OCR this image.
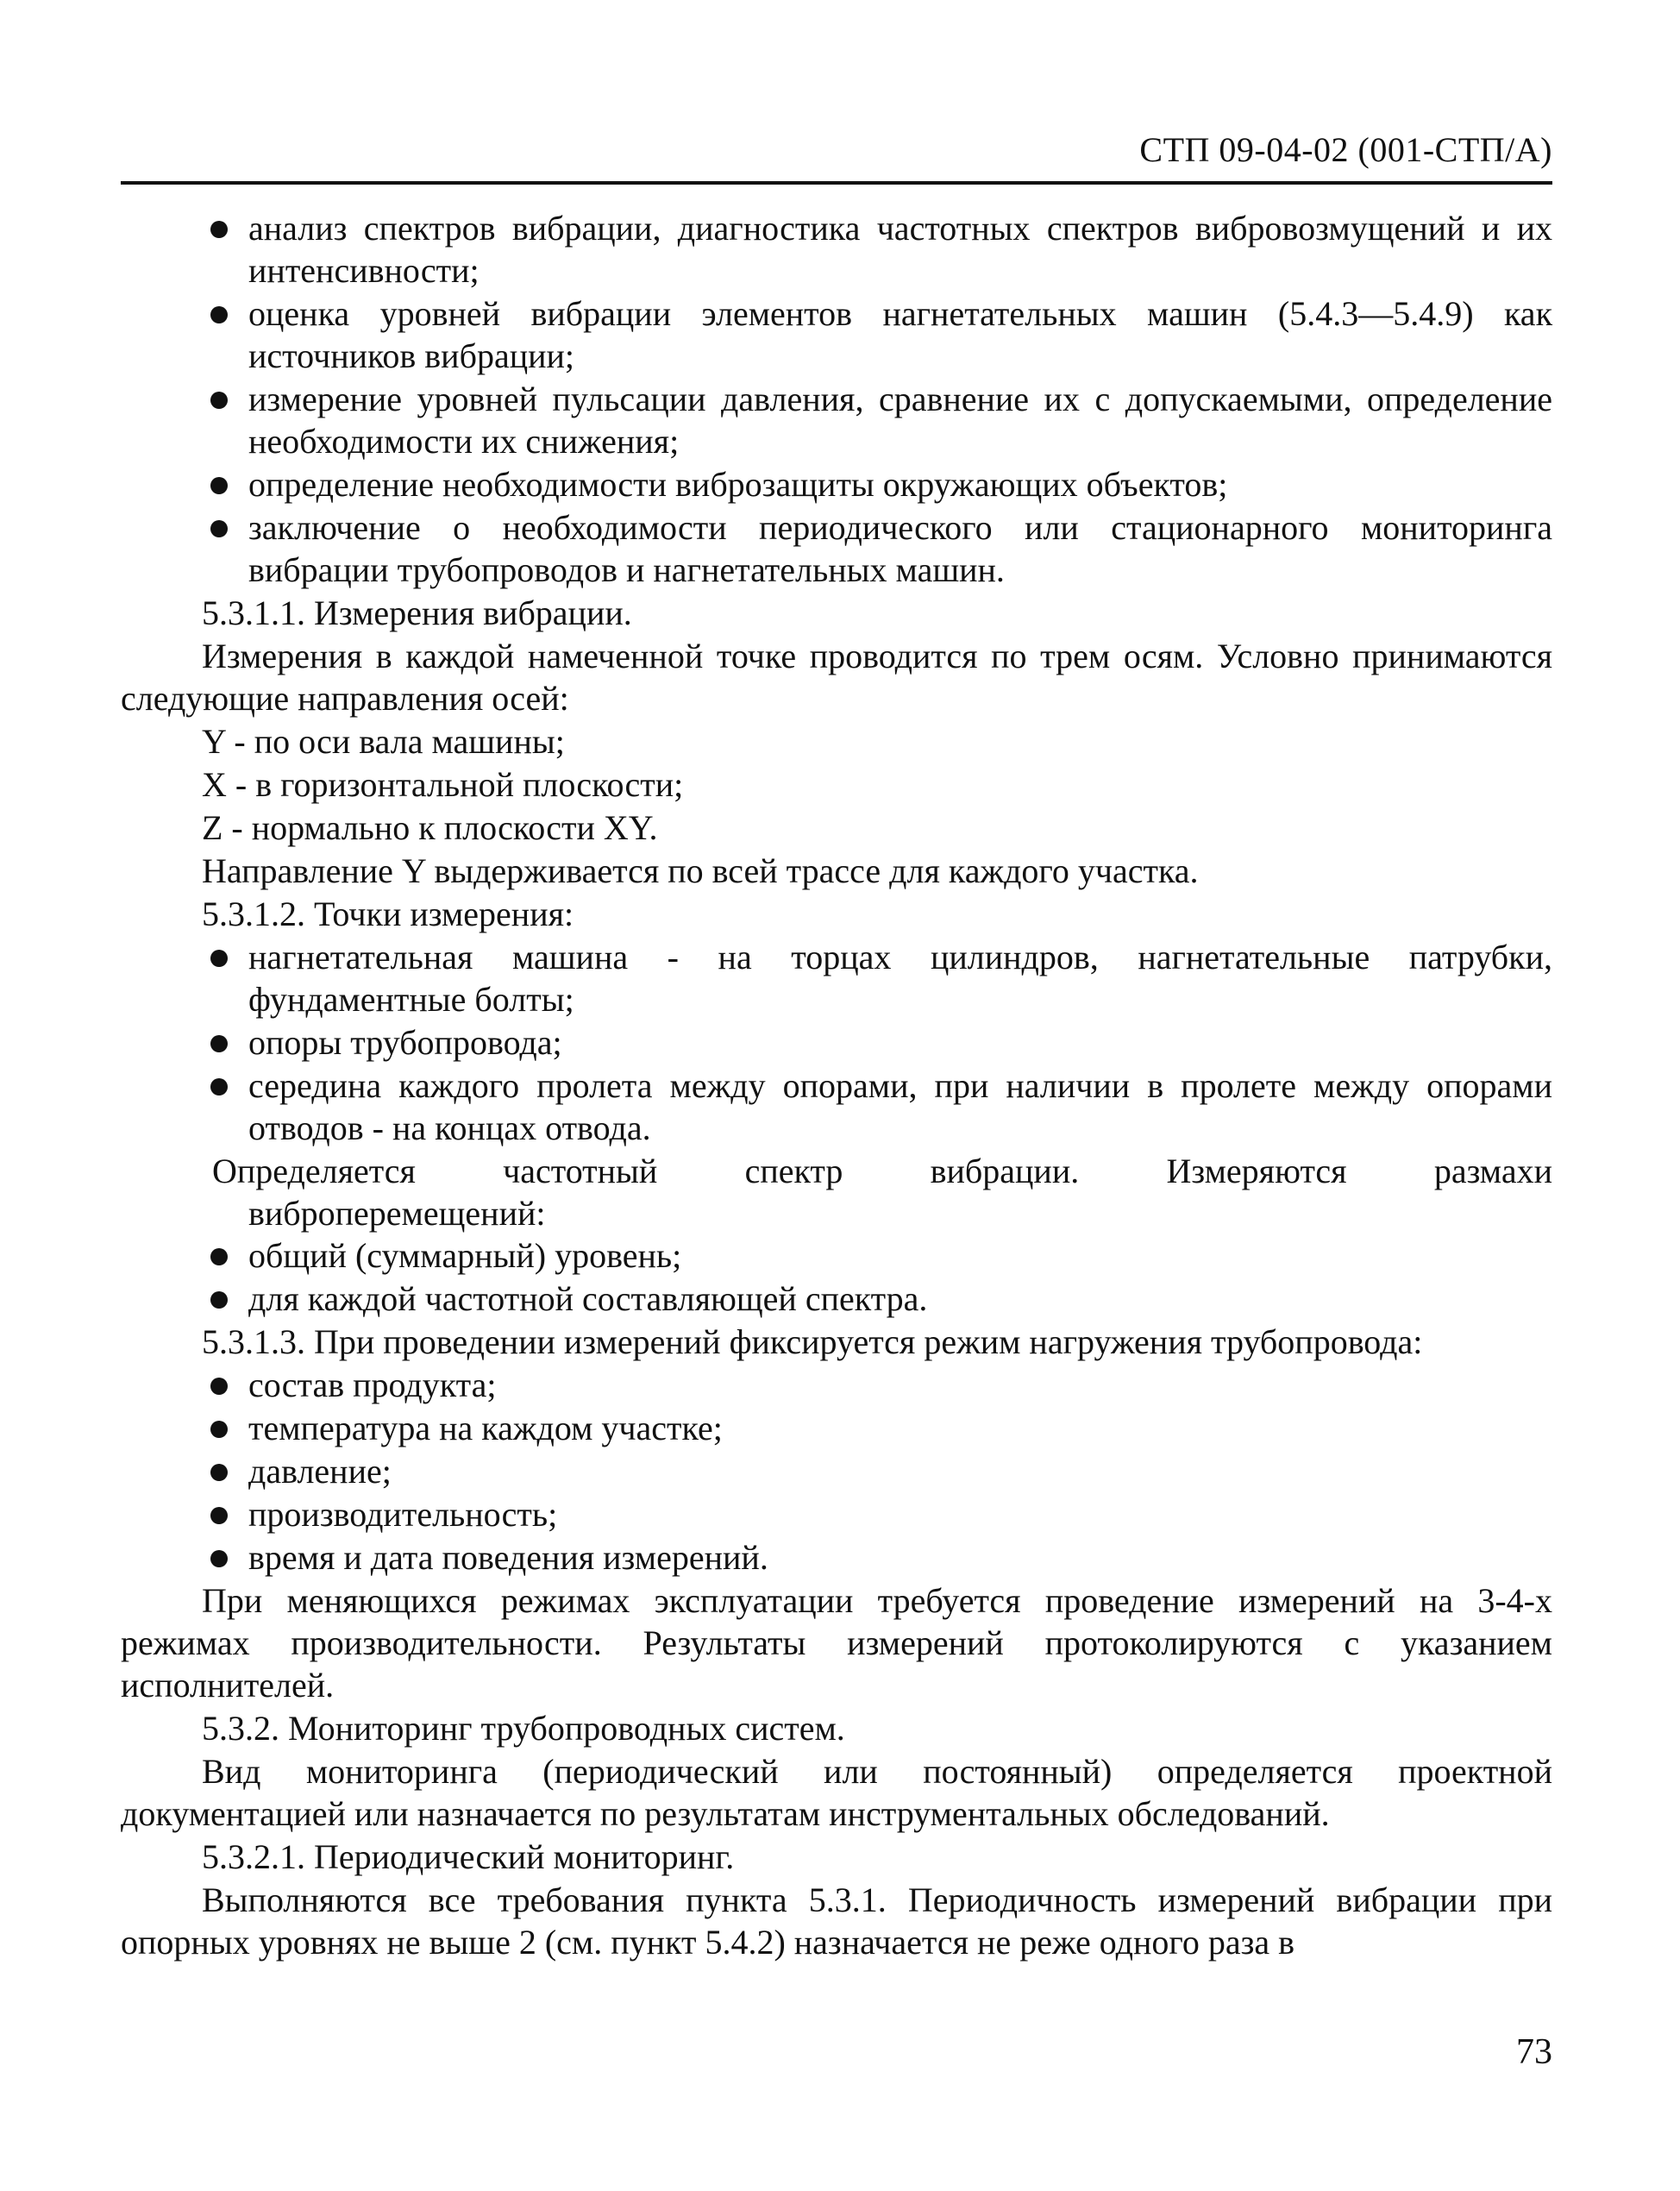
СТП 09-04-02 (001-СТП/А)
анализ спектров вибрации, диагностика частотных спектров вибровозмущений и их интенсивности;
оценка уровней вибрации элементов нагнетательных машин (5.4.3—5.4.9) как источников вибрации;
измерение уровней пульсации давления, сравнение их с допускаемыми, определение необходимости их снижения;
определение необходимости виброзащиты окружающих объектов;
заключение о необходимости периодического или стационарного мониторинга вибрации трубопроводов и нагнетательных машин.
5.3.1.1. Измерения вибрации.
Измерения в каждой намеченной точке проводится по трем осям. Условно принимаются следующие направления осей:
Y - по оси вала машины;
X - в горизонтальной плоскости;
Z - нормально к плоскости XY.
Направление Y выдерживается по всей трассе для каждого участка.
5.3.1.2. Точки измерения:
нагнетательная машина - на торцах цилиндров, нагнетательные патрубки, фундаментные болты;
опоры трубопровода;
середина каждого пролета между опорами, при наличии в пролете между опорами отводов - на концах отвода.
Определяется частотный спектр вибрации. Измеряются размахи
виброперемещений:
общий (суммарный) уровень;
для каждой частотной составляющей спектра.
5.3.1.3. При проведении измерений фиксируется режим нагружения трубопровода:
состав продукта;
температура на каждом участке;
давление;
производительность;
время и дата поведения измерений.
При меняющихся режимах эксплуатации требуется проведение измерений на 3-4-х режимах производительности. Результаты измерений протоколируются с указанием исполнителей.
5.3.2. Мониторинг трубопроводных систем.
Вид мониторинга (периодический или постоянный) определяется проектной документацией или назначается по результатам инструментальных обследований.
5.3.2.1. Периодический мониторинг.
Выполняются все требования пункта 5.3.1. Периодичность измерений вибрации при опорных уровнях не выше 2 (см. пункт 5.4.2) назначается не реже одного раза в
73
